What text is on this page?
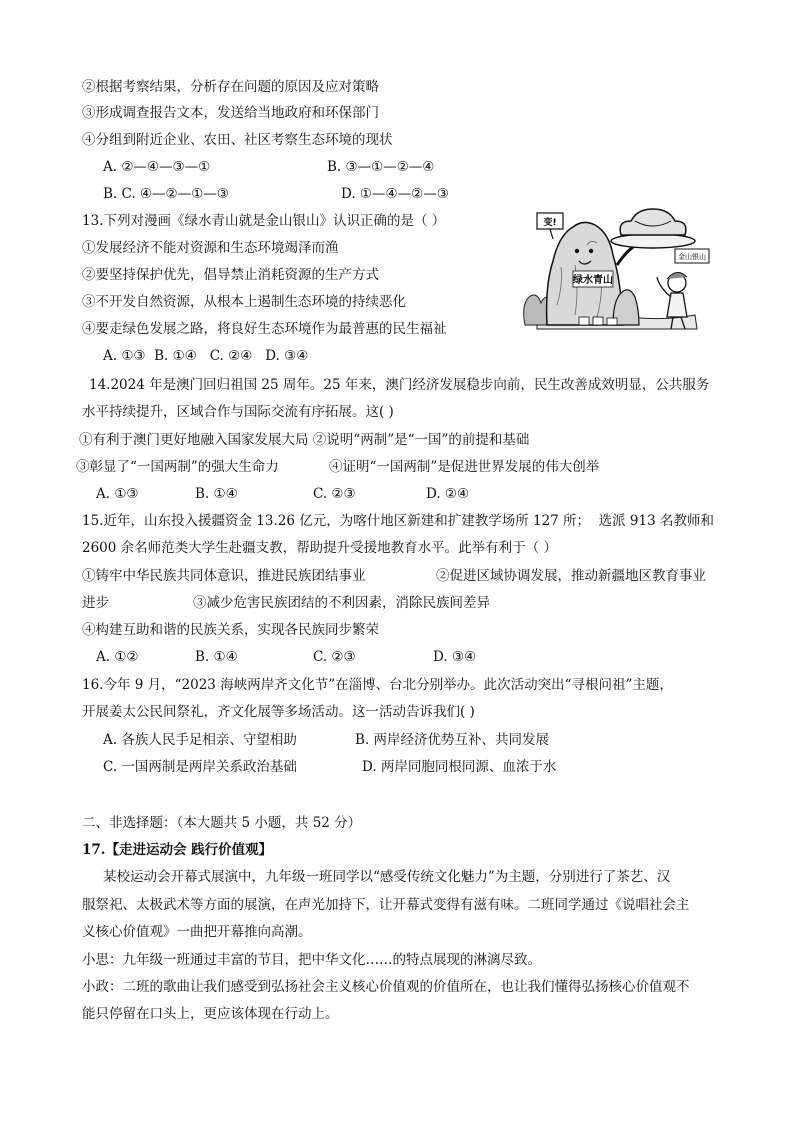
②根据考察结果，分析存在问题的原因及应对策略
③形成调查报告文本，发送给当地政府和环保部门
④分组到附近企业、农田、社区考察生态环境的现状
A. ②—④—③—①	B. ③—①—②—④
B. C. ④—②—①—③	D. ①—④—②—③
13.下列对漫画《绿水青山就是金山银山》认识正确的是（ ）
①发展经济不能对资源和生态环境竭泽而渔
②要坚持保护优先，倡导禁止消耗资源的生产方式
③不开发自然资源，从根本上遏制生态环境的持续恶化
④要走绿色发展之路，将良好生态环境作为最普惠的民生福祉
A. ①③  B. ①④   C. ②④   D. ③④
绿水青山
变!
金山银山
14.2024 年是澳门回归祖国 25 周年。25 年来，澳门经济发展稳步向前，民生改善成效明显，公共服务
水平持续提升，区域合作与国际交流有序拓展。这( )
①有利于澳门更好地融入国家发展大局 ②说明“两制”是“一国”的前提和基础
③彰显了“一国两制”的强大生命力	④证明“一国两制”是促进世界发展的伟大创举
A. ①③	B. ①④	C. ②③	D. ②④
15.近年，山东投入援疆资金 13.26 亿元，为喀什地区新建和扩建教学场所 127 所；  选派 913 名教师和
2600 余名师范类大学生赴疆支教，帮助提升受援地教育水平。此举有利于（ ）
①铸牢中华民族共同体意识，推进民族团结事业	②促进区域协调发展，推动新疆地区教育事业
进步	③减少危害民族团结的不利因素，消除民族间差异
④构建互助和谐的民族关系，实现各民族同步繁荣
A. ①②	B. ①④	C. ②③	D. ③④
16.今年 9 月，“2023 海峡两岸齐文化节”在淄博、台北分别举办。此次活动突出“寻根问祖”主题，
开展姜太公民间祭礼，齐文化展等多场活动。这一活动告诉我们( )
A. 各族人民手足相亲、守望相助	B. 两岸经济优势互补、共同发展
C. 一国两制是两岸关系政治基础	D. 两岸同胞同根同源、血浓于水
二、非选择题：（本大题共 5 小题，共 52 分）
17.【走进运动会 践行价值观】
某校运动会开幕式展演中，九年级一班同学以“感受传统文化魅力”为主题，分别进行了茶艺、汉
服祭祀、太极武术等方面的展演，在声光加持下，让开幕式变得有滋有味。二班同学通过《说唱社会主
义核心价值观》一曲把开幕推向高潮。
小思：九年级一班通过丰富的节目，把中华文化……的特点展现的淋漓尽致。
小政：二班的歌曲让我们感受到弘扬社会主义核心价值观的价值所在，也让我们懂得弘扬核心价值观不
能只停留在口头上，更应该体现在行动上。
